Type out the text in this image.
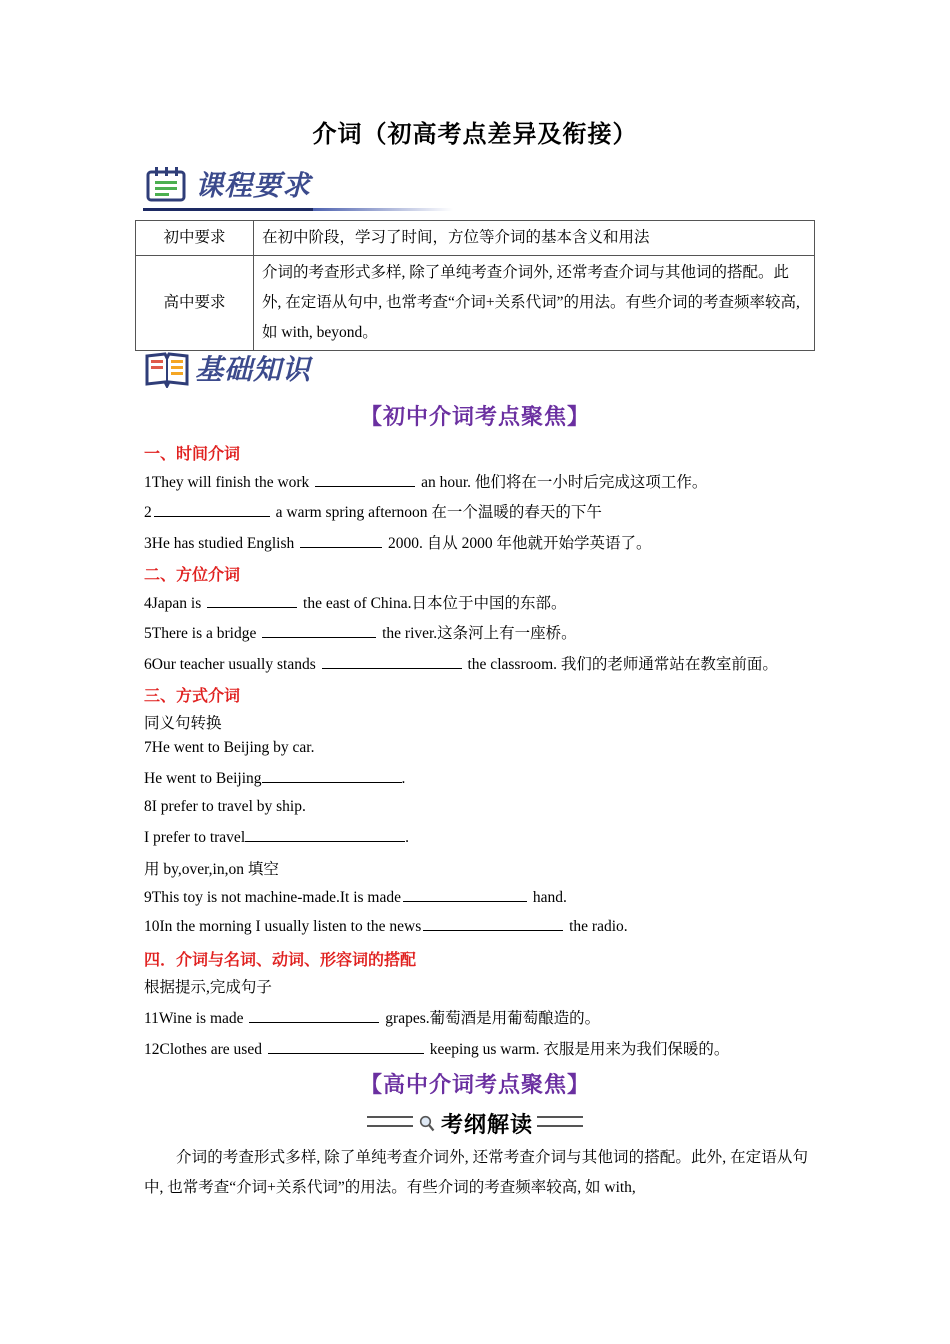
介词（初高考点差异及衔接）
课程要求
初中要求	在初中阶段，学习了时间，方位等介词的基本含义和用法
高中要求	介词的考查形式多样, 除了单纯考查介词外, 还常考查介词与其他词的搭配。此外, 在定语从句中, 也常考查“介词+关系代词”的用法。有些介词的考查频率较高, 如 with, beyond。
基础知识
【初中介词考点聚焦】
一、时间介词
1They will finish the work	an hour. 他们将在一小时后完成这项工作。
2	a warm spring afternoon 在一个温暖的春天的下午
3He has studied English	2000. 自从 2000 年他就开始学英语了。
二、方位介词
4Japan is	the east of China.日本位于中国的东部。
5There is a bridge	the river.这条河上有一座桥。
6Our teacher usually stands	the classroom. 我们的老师通常站在教室前面。
三、方式介词
同义句转换
7He went to Beijing by car.
He went to Beijing	.
8I prefer to travel by ship.
I prefer to travel	.
用 by,over,in,on 填空
9This toy is not machine-made.It is made	hand.
10In the morning I usually listen to the news	the radio.
四．介词与名词、动词、形容词的搭配
根据提示,完成句子
11Wine is made	grapes.葡萄酒是用葡萄酿造的。
12Clothes are used	keeping us warm. 衣服是用来为我们保暖的。
【高中介词考点聚焦】
考纲解读
介词的考查形式多样, 除了单纯考查介词外, 还常考查介词与其他词的搭配。此外, 在定语从句中, 也常考查“介词+关系代词”的用法。有些介词的考查频率较高, 如 with,
